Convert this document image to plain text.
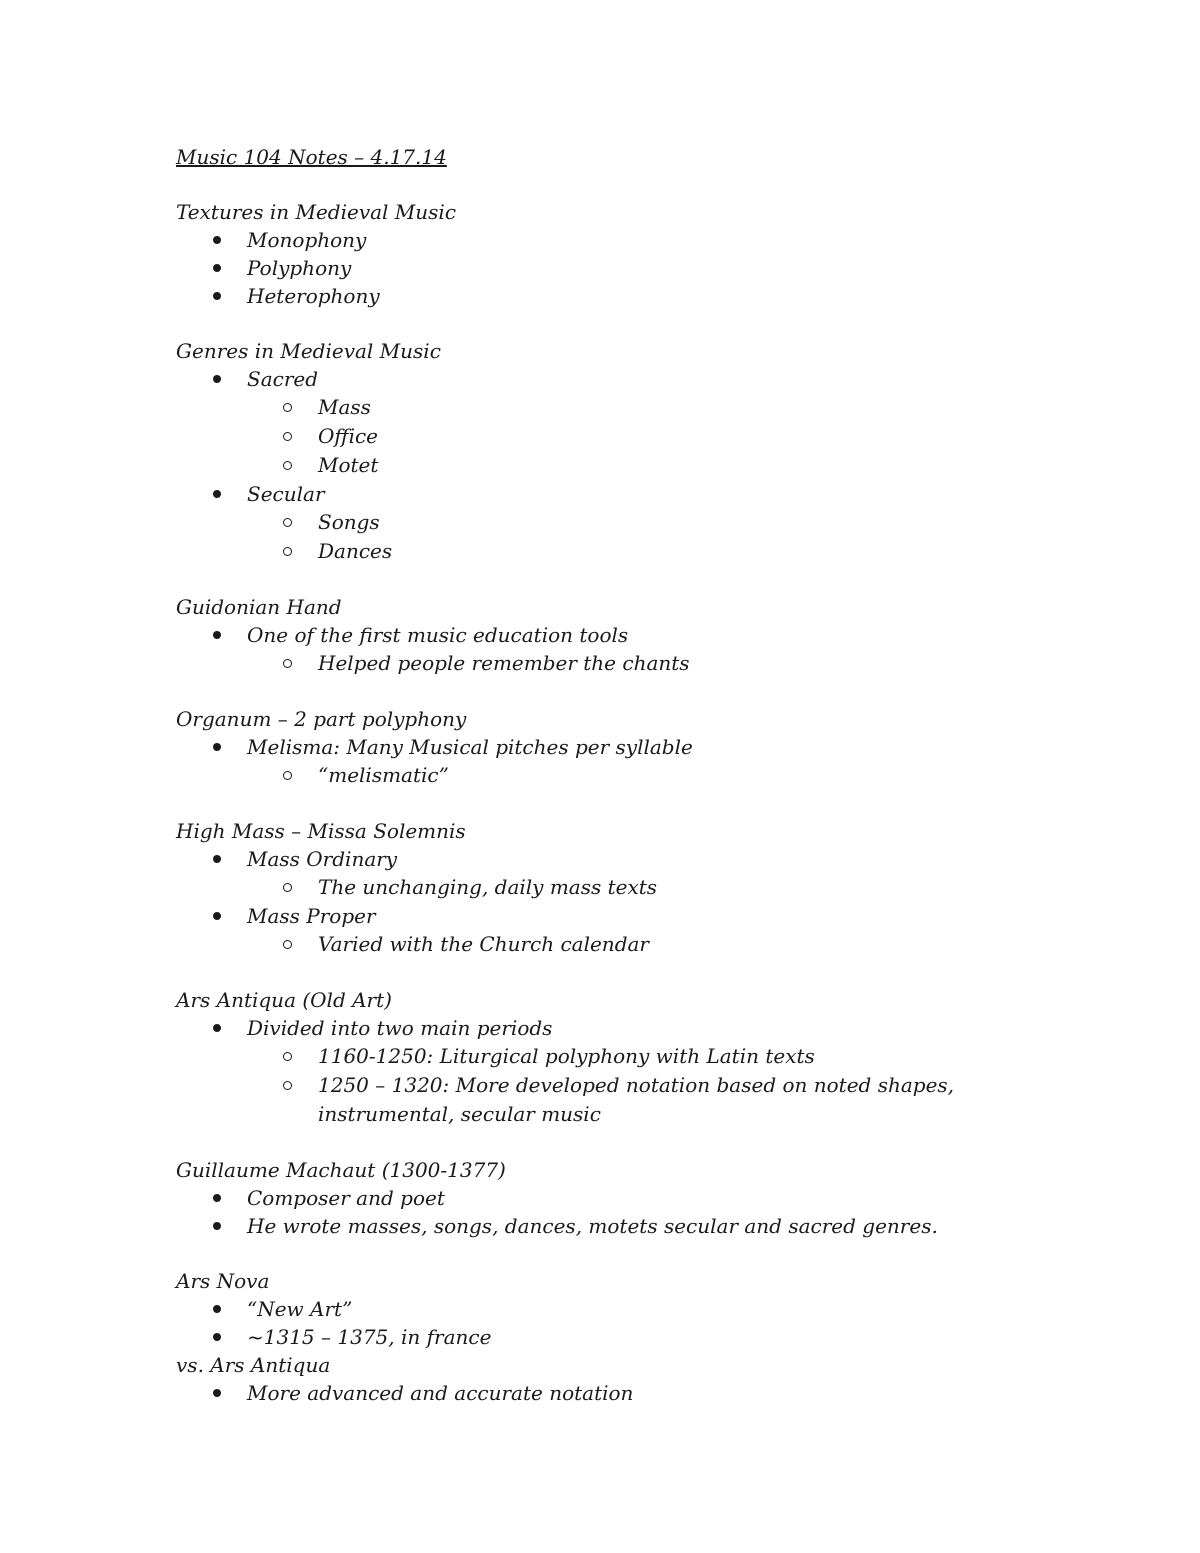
Music 104 Notes – 4.17.14
Textures in Medieval Music
Monophony
Polyphony
Heterophony
Genres in Medieval Music
Sacred
Mass
Office
Motet
Secular
Songs
Dances
Guidonian Hand
One of the first music education tools
Helped people remember the chants
Organum – 2 part polyphony
Melisma: Many Musical pitches per syllable
“melismatic”
High Mass – Missa Solemnis
Mass Ordinary
The unchanging, daily mass texts
Mass Proper
Varied with the Church calendar
Ars Antiqua (Old Art)
Divided into two main periods
1160-1250: Liturgical polyphony with Latin texts
1250 – 1320: More developed notation based on noted shapes, instrumental, secular music
Guillaume Machaut (1300-1377)
Composer and poet
He wrote masses, songs, dances, motets secular and sacred genres.
Ars Nova
“New Art”
~1315 – 1375, in france
vs. Ars Antiqua
More advanced and accurate notation
